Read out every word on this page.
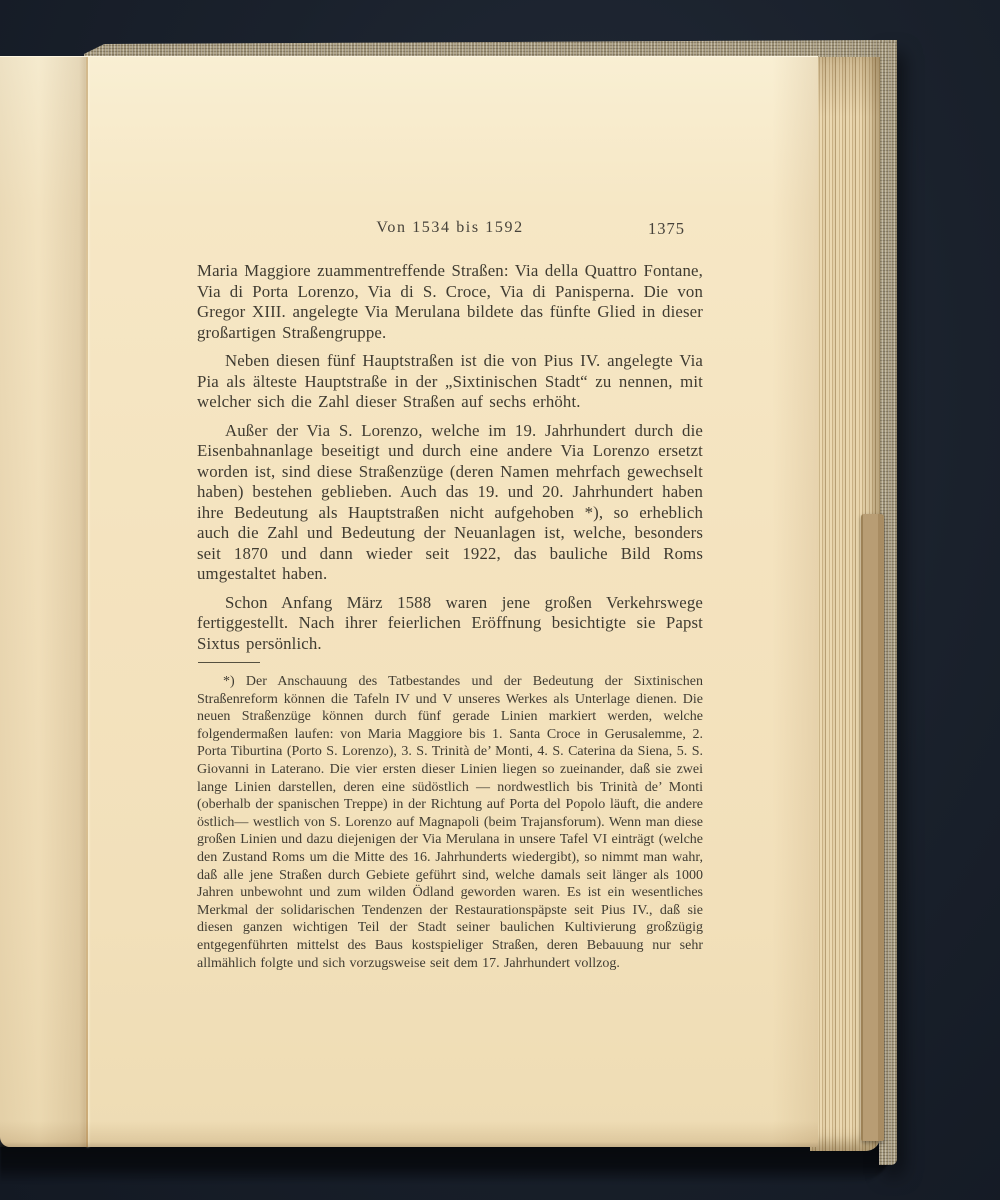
Von 1534 bis 1592	1375

Maria Maggiore zuammentreffende Straßen: Via della Quattro Fontane, Via di Porta Lorenzo, Via di S. Croce, Via di Panisperna. Die von Gregor XIII. angelegte Via Merulana bildete das fünfte Glied in dieser großartigen Straßengruppe.

Neben diesen fünf Hauptstraßen ist die von Pius IV. angelegte Via Pia als älteste Hauptstraße in der „Sixtinischen Stadt“ zu nennen, mit welcher sich die Zahl dieser Straßen auf sechs erhöht.

Außer der Via S. Lorenzo, welche im 19. Jahrhundert durch die Eisenbahnanlage beseitigt und durch eine andere Via Lorenzo ersetzt worden ist, sind diese Straßenzüge (deren Namen mehrfach gewechselt haben) bestehen geblieben. Auch das 19. und 20. Jahrhundert haben ihre Bedeutung als Hauptstraßen nicht aufgehoben *), so erheblich auch die Zahl und Bedeutung der Neuanlagen ist, welche, besonders seit 1870 und dann wieder seit 1922, das bauliche Bild Roms umgestaltet haben.

Schon Anfang März 1588 waren jene großen Verkehrswege fertiggestellt. Nach ihrer feierlichen Eröffnung besichtigte sie Papst Sixtus persönlich.

*) Der Anschauung des Tatbestandes und der Bedeutung der Sixtinischen Straßenreform können die Tafeln IV und V unseres Werkes als Unterlage dienen. Die neuen Straßenzüge können durch fünf gerade Linien markiert werden, welche folgendermaßen laufen: von Maria Maggiore bis 1. Santa Croce in Gerusalemme, 2. Porta Tiburtina (Porto S. Lorenzo), 3. S. Trinità de’ Monti, 4. S. Caterina da Siena, 5. S. Giovanni in Laterano. Die vier ersten dieser Linien liegen so zueinander, daß sie zwei lange Linien darstellen, deren eine südöstlich — nordwestlich bis Trinità de’ Monti (oberhalb der spanischen Treppe) in der Richtung auf Porta del Popolo läuft, die andere östlich— westlich von S. Lorenzo auf Magnapoli (beim Trajansforum). Wenn man diese großen Linien und dazu diejenigen der Via Merulana in unsere Tafel VI einträgt (welche den Zustand Roms um die Mitte des 16. Jahrhunderts wiedergibt), so nimmt man wahr, daß alle jene Straßen durch Gebiete geführt sind, welche damals seit länger als 1000 Jahren unbewohnt und zum wilden Ödland geworden waren. Es ist ein wesentliches Merkmal der solidarischen Tendenzen der Restaurationspäpste seit Pius IV., daß sie diesen ganzen wichtigen Teil der Stadt seiner baulichen Kultivierung großzügig entgegenführten mittelst des Baus kostspieliger Straßen, deren Bebauung nur sehr allmählich folgte und sich vorzugsweise seit dem 17. Jahrhundert vollzog.
